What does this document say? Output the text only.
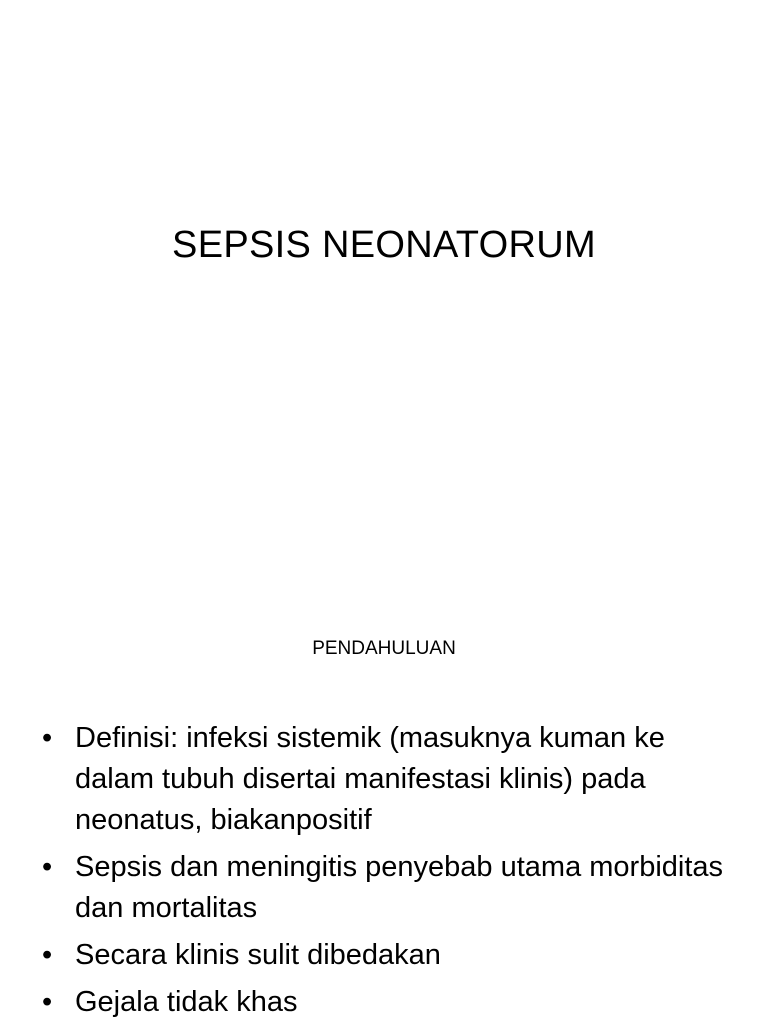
SEPSIS NEONATORUM
PENDAHULUAN
• Definisi: infeksi sistemik (masuknya kuman ke dalam tubuh disertai manifestasi klinis) pada neonatus, biakanpositif
• Sepsis dan meningitis penyebab utama morbiditas dan mortalitas
• Secara klinis sulit dibedakan
• Gejala tidak khas
